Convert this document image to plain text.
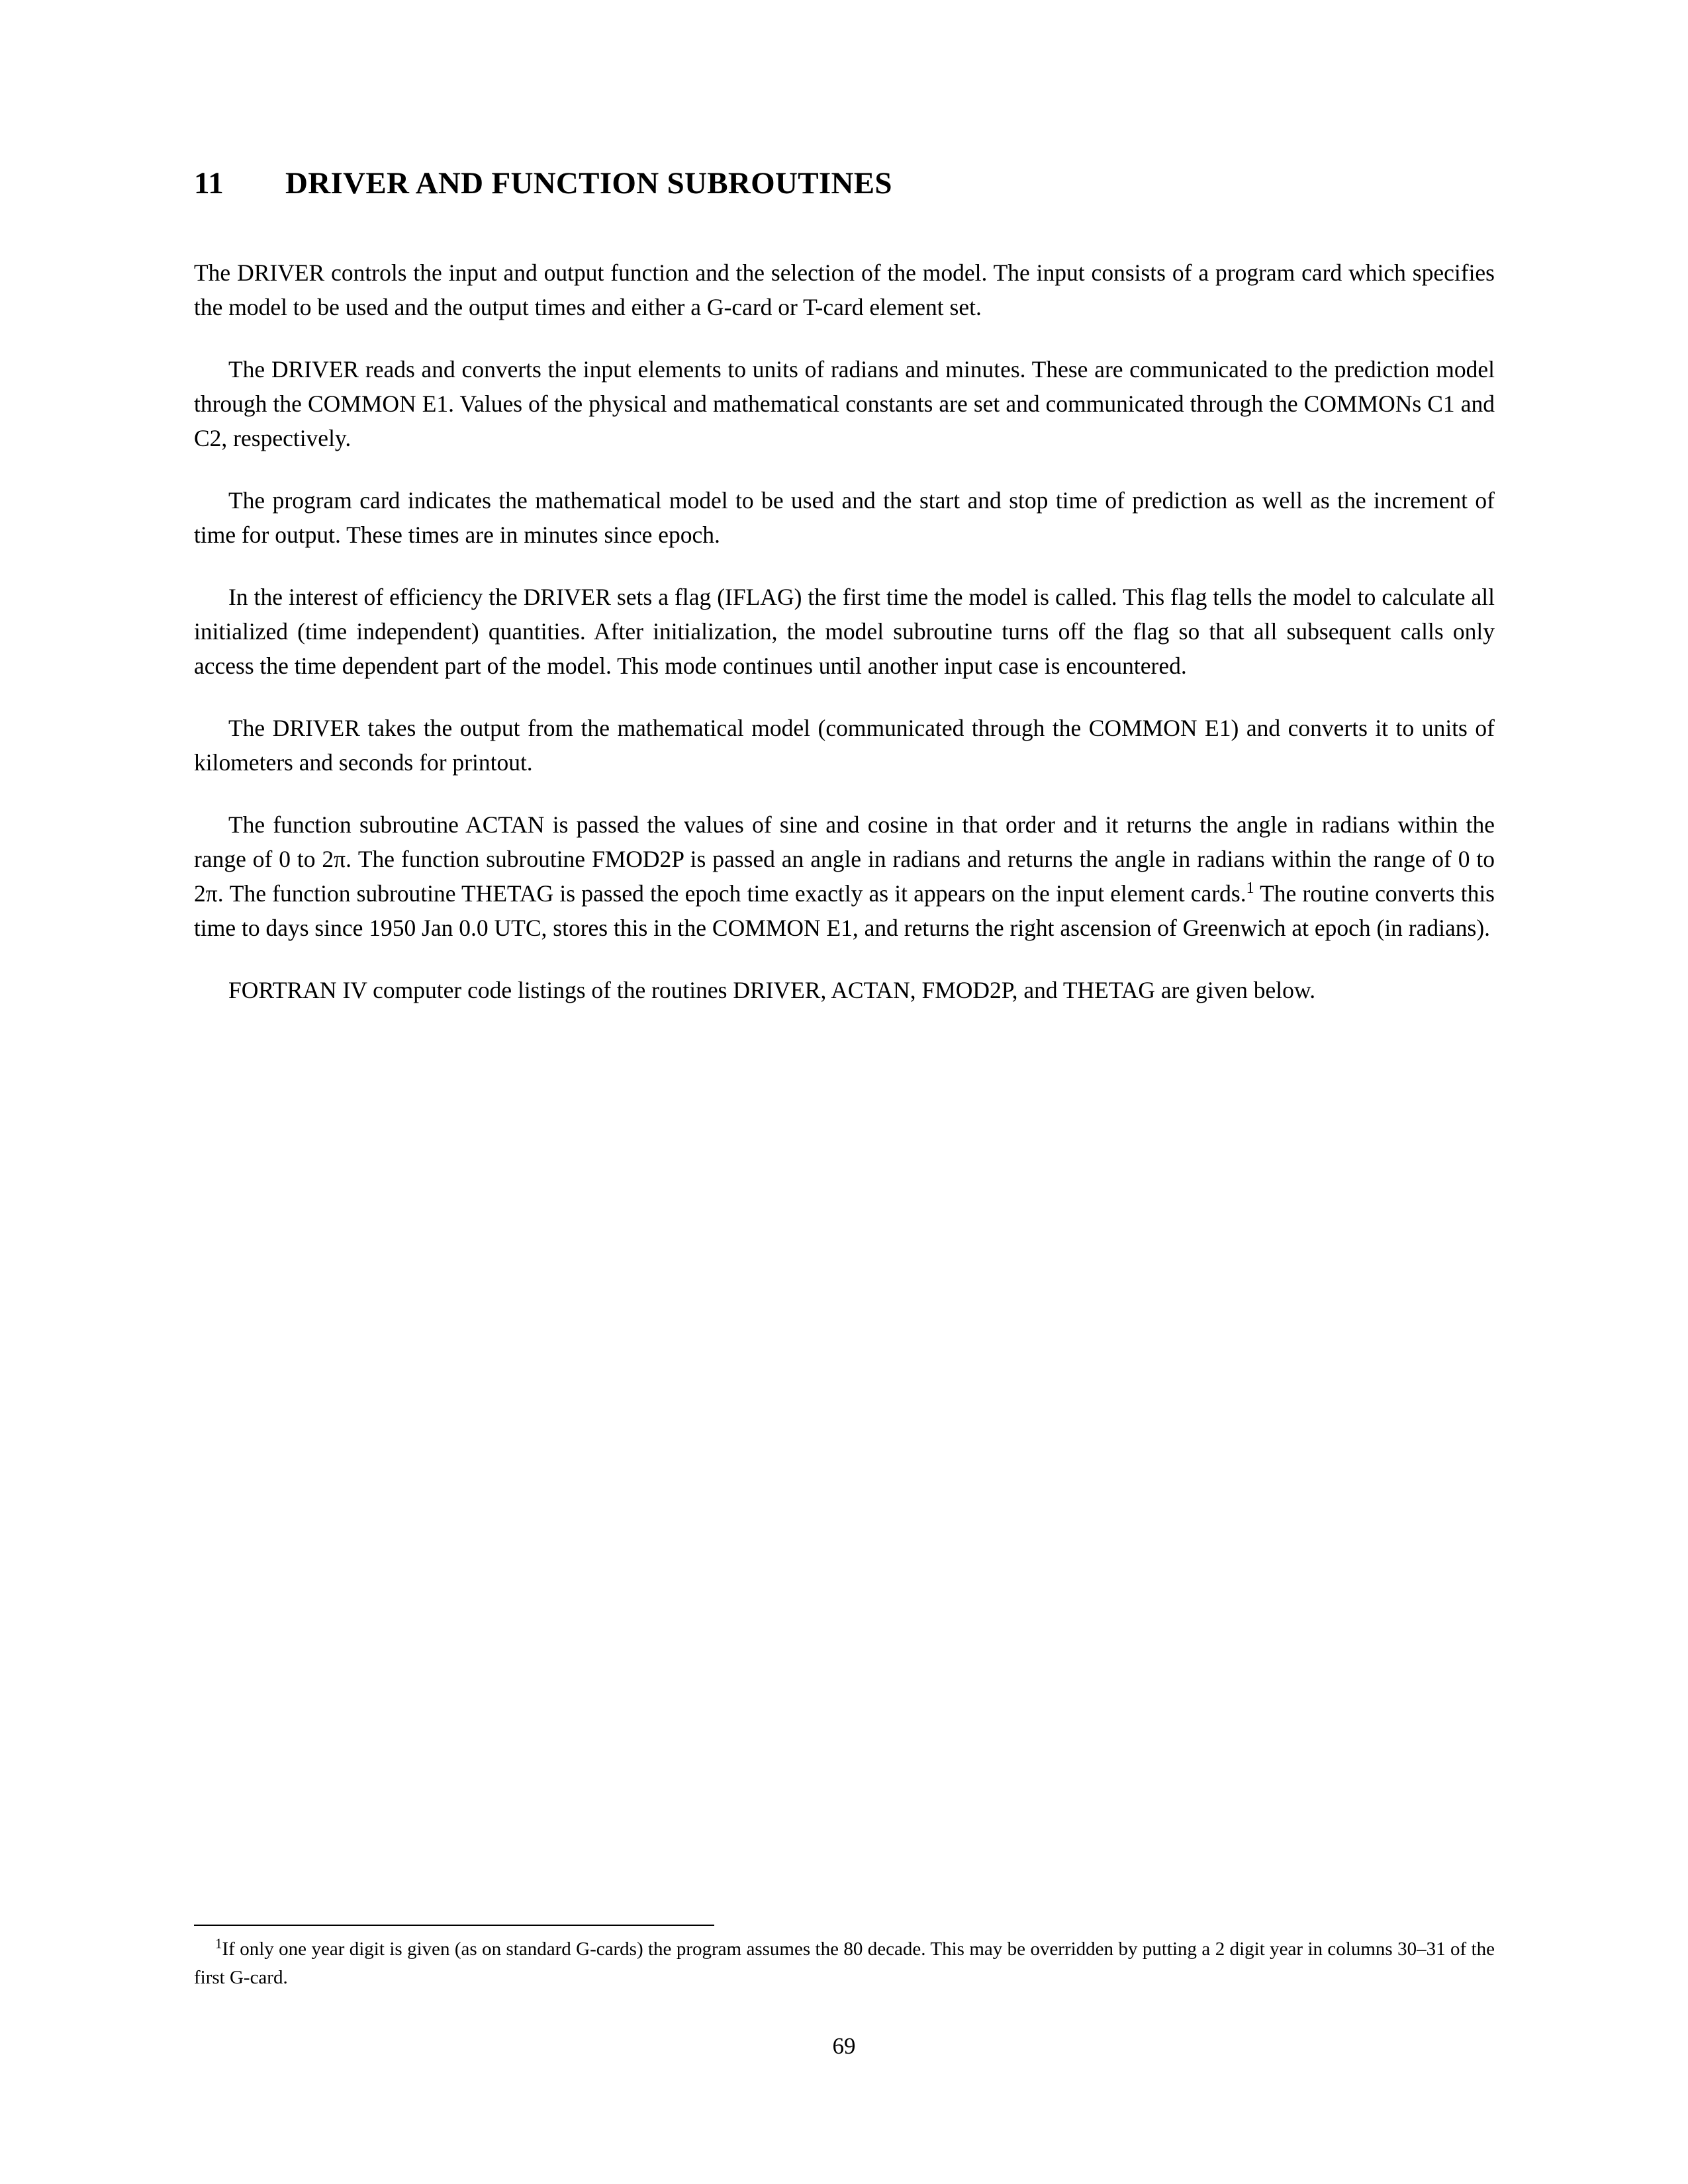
11 DRIVER AND FUNCTION SUBROUTINES

The DRIVER controls the input and output function and the selection of the model. The input consists of a program card which specifies the model to be used and the output times and either a G-card or T-card element set.

The DRIVER reads and converts the input elements to units of radians and minutes. These are communicated to the prediction model through the COMMON E1. Values of the physical and mathematical constants are set and communicated through the COMMONs C1 and C2, respectively.

The program card indicates the mathematical model to be used and the start and stop time of prediction as well as the increment of time for output. These times are in minutes since epoch.

In the interest of efficiency the DRIVER sets a flag (IFLAG) the first time the model is called. This flag tells the model to calculate all initialized (time independent) quantities. After initialization, the model subroutine turns off the flag so that all subsequent calls only access the time dependent part of the model. This mode continues until another input case is encountered.

The DRIVER takes the output from the mathematical model (communicated through the COMMON E1) and converts it to units of kilometers and seconds for printout.

The function subroutine ACTAN is passed the values of sine and cosine in that order and it returns the angle in radians within the range of 0 to 2π. The function subroutine FMOD2P is passed an angle in radians and returns the angle in radians within the range of 0 to 2π. The function subroutine THETAG is passed the epoch time exactly as it appears on the input element cards.$^1$ The routine converts this time to days since 1950 Jan 0.0 UTC, stores this in the COMMON E1, and returns the right ascension of Greenwich at epoch (in radians).

FORTRAN IV computer code listings of the routines DRIVER, ACTAN, FMOD2P, and THETAG are given below.

$^1$If only one year digit is given (as on standard G-cards) the program assumes the 80 decade. This may be overridden by putting a 2 digit year in columns 30–31 of the first G-card.

69
